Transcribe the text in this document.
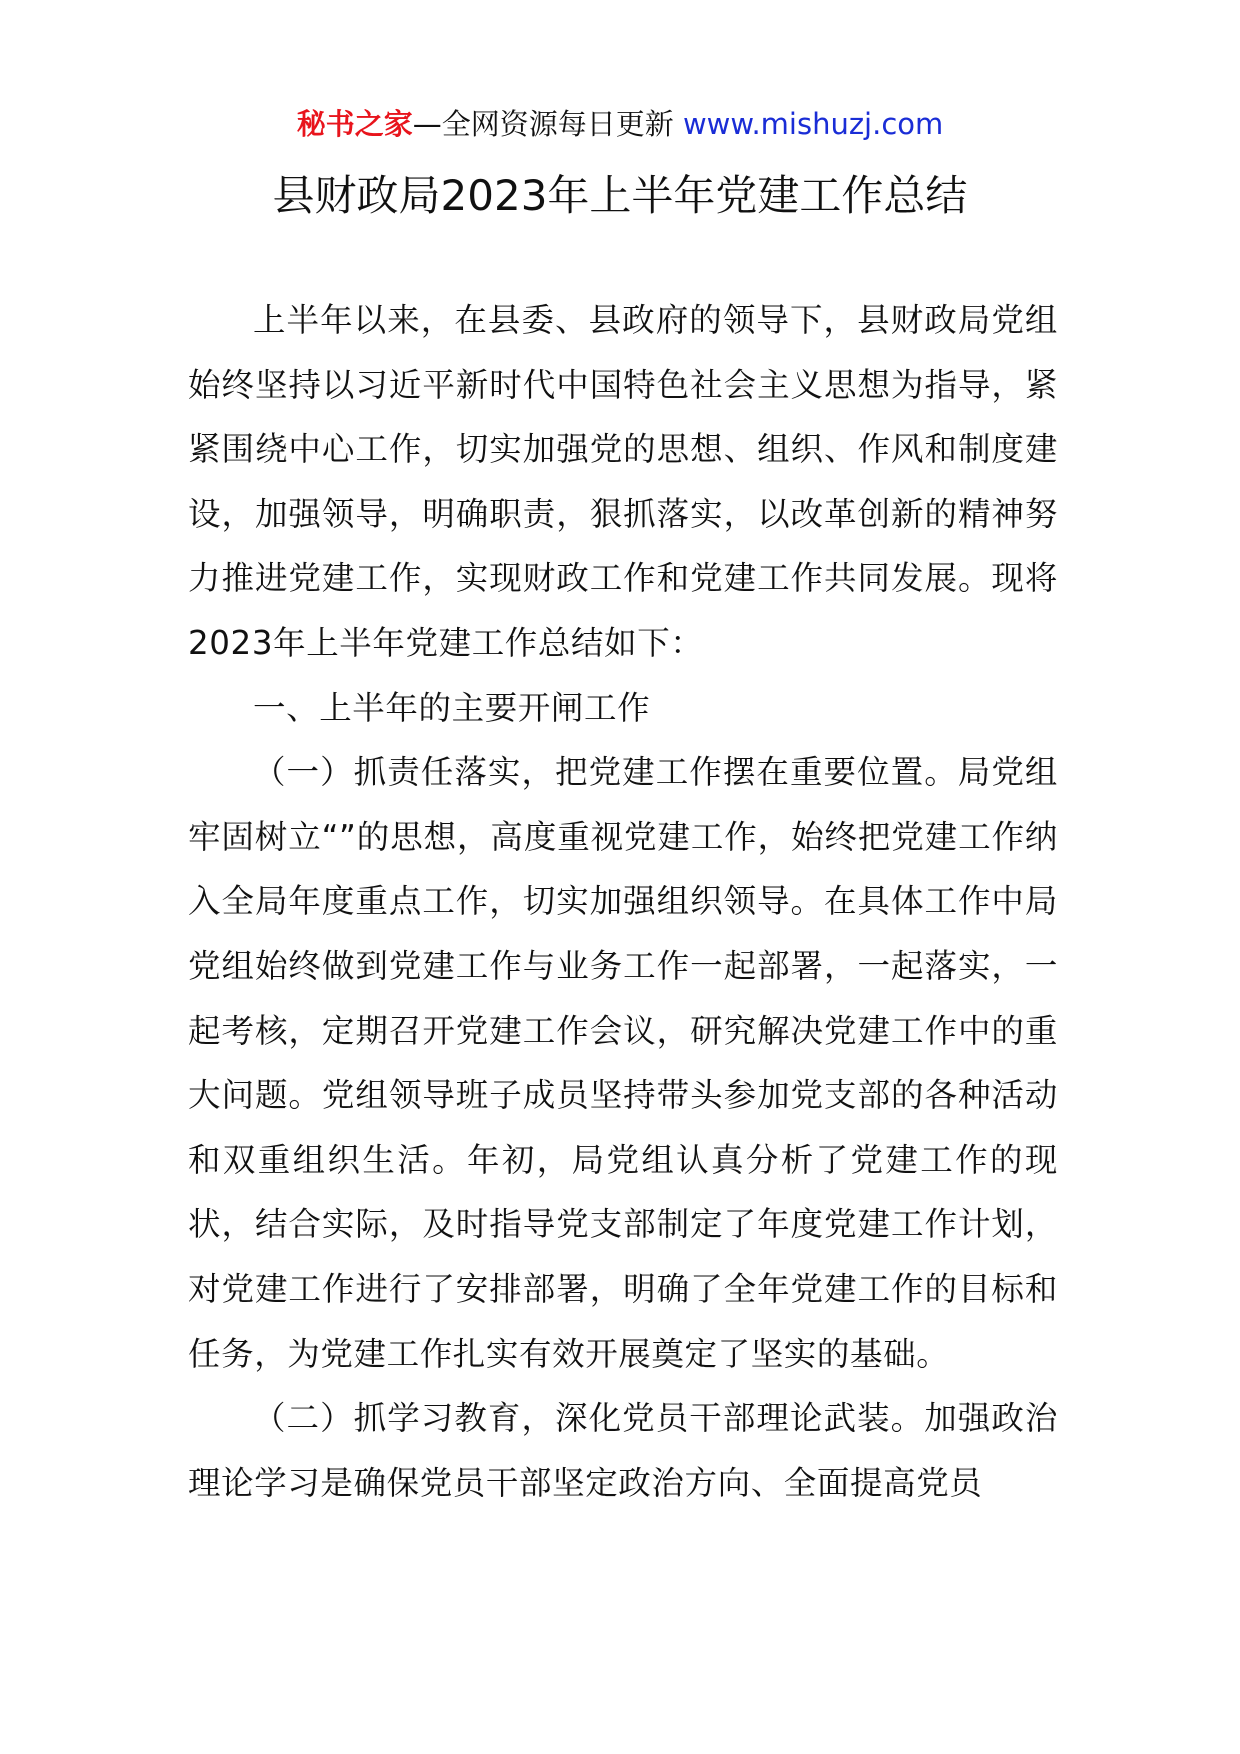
秘书之家—全网资源每日更新 www.mishuzj.com
县财政局2023年上半年党建工作总结

上半年以来，在县委、县政府的领导下，县财政局党组始终坚持以习近平新时代中国特色社会主义思想为指导，紧紧围绕中心工作，切实加强党的思想、组织、作风和制度建设，加强领导，明确职责，狠抓落实，以改革创新的精神努力推进党建工作，实现财政工作和党建工作共同发展。现将2023年上半年党建工作总结如下：

一、上半年的主要开闸工作

（一）抓责任落实，把党建工作摆在重要位置。局党组牢固树立“”的思想，高度重视党建工作，始终把党建工作纳入全局年度重点工作，切实加强组织领导。在具体工作中局党组始终做到党建工作与业务工作一起部署，一起落实，一起考核，定期召开党建工作会议，研究解决党建工作中的重大问题。党组领导班子成员坚持带头参加党支部的各种活动和双重组织生活。年初，局党组认真分析了党建工作的现状，结合实际，及时指导党支部制定了年度党建工作计划，对党建工作进行了安排部署，明确了全年党建工作的目标和任务，为党建工作扎实有效开展奠定了坚实的基础。

（二）抓学习教育，深化党员干部理论武装。加强政治理论学习是确保党员干部坚定政治方向、全面提高党员
